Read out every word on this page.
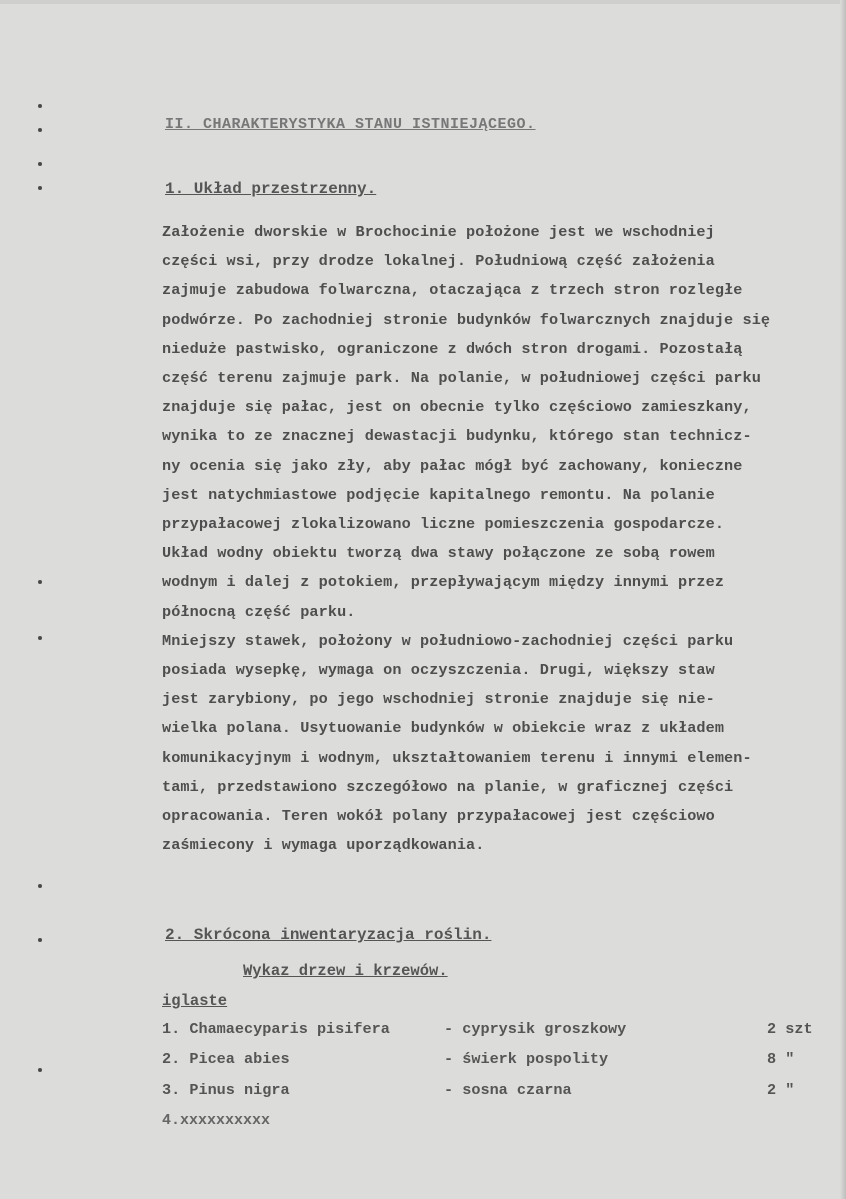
II. CHARAKTERYSTYKA STANU ISTNIEJĄCEGO.
1. Układ przestrzenny.
Założenie dworskie w Brochocinie położone jest we wschodniej
części wsi, przy drodze lokalnej. Południową część założenia
zajmuje zabudowa folwarczna, otaczająca z trzech stron rozległe
podwórze. Po zachodniej stronie budynków folwarcznych znajduje się
nieduże pastwisko, ograniczone z dwóch stron drogami. Pozostałą
część terenu zajmuje park. Na polanie, w południowej części parku
znajduje się pałac, jest on obecnie tylko częściowo zamieszkany,
wynika to ze znacznej dewastacji budynku, którego stan technicz-
ny ocenia się jako zły, aby pałac mógł być zachowany, konieczne
jest natychmiastowe podjęcie kapitalnego remontu. Na polanie
przypałacowej zlokalizowano liczne pomieszczenia gospodarcze.
Układ wodny obiektu tworzą dwa stawy połączone ze sobą rowem
wodnym i dalej z potokiem, przepływającym między innymi przez
północną część parku.
Mniejszy stawek, położony w południowo-zachodniej części parku
posiada wysepkę, wymaga on oczyszczenia. Drugi, większy staw
jest zarybiony, po jego wschodniej stronie znajduje się nie-
wielka polana. Usytuowanie budynków w obiekcie wraz z układem
komunikacyjnym i wodnym, ukształtowaniem terenu i innymi elemen-
tami, przedstawiono szczegółowo na planie, w graficznej części
opracowania. Teren wokół polany przypałacowej jest częściowo
zaśmiecony i wymaga uporządkowania.
2. Skrócona inwentaryzacja roślin.
Wykaz drzew i krzewów.
iglaste
1. Chamaecyparis pisifera	- cyprysik groszkowy	2 szt
2. Picea abies	- świerk pospolity	8 "
3. Pinus nigra	- sosna czarna	2 "
4.xxxxxxxxxx
